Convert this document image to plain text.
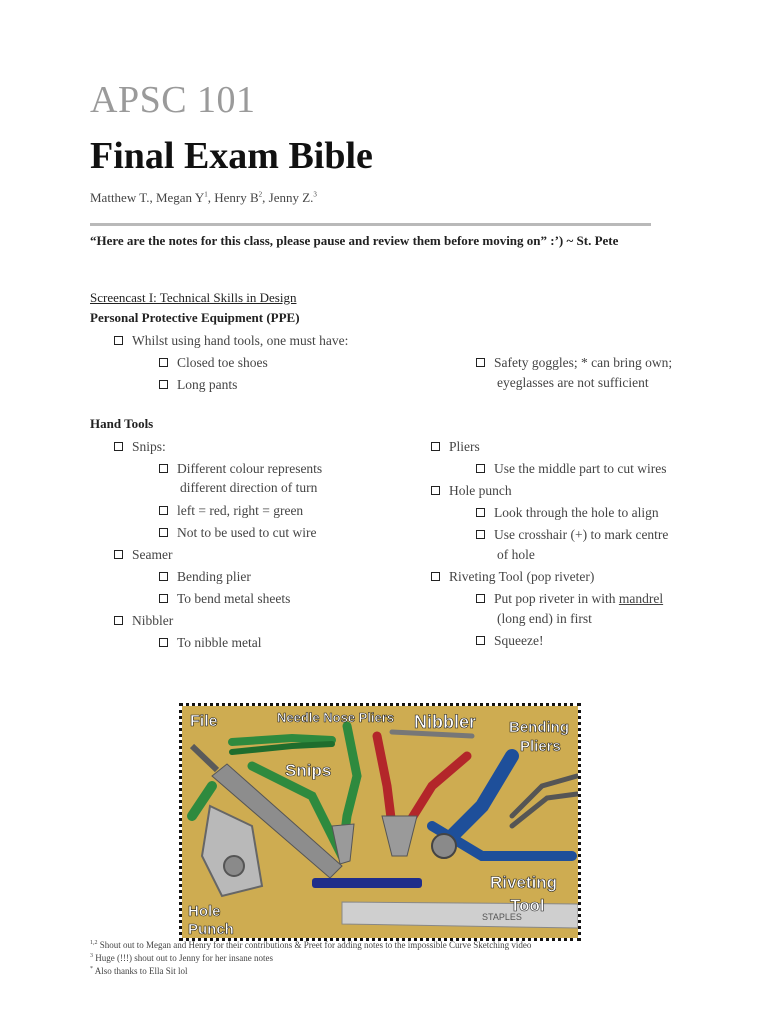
APSC 101
Final Exam Bible
Matthew T., Megan $Y^1$, Henry $B^2$, Jenny Z.$^3$
“Here are the notes for this class, please pause and review them before moving on” :’) ~ St. Pete
Screencast I: Technical Skills in Design
Personal Protective Equipment (PPE)
Whilst using hand tools, one must have:
Closed toe shoes
Long pants
Safety goggles; * can bring own;
eyeglasses are not sufficient
Hand Tools
Snips:
Different colour represents
different direction of turn
left = red, right = green
Not to be used to cut wire
Seamer
Bending plier
To bend metal sheets
Nibbler
To nibble metal
Pliers
Use the middle part to cut wires
Hole punch
Look through the hole to align
Use crosshair (+) to mark centre
of hole
Riveting Tool (pop riveter)
Put pop riveter in with mandrel
(long end) in first
Squeeze!
STAPLES
File	Needle Nose Pliers Nibbler Bending
Pliers
Snips
Riveting
Tool
Hole
Punch
$^{1,2}$ Shout out to Megan and Henry for their contributions & Preet for adding notes to the impossible Curve Sketching video
$^3$ Huge (!!!) shout out to Jenny for her insane notes
* Also thanks to Ella Sit lol
